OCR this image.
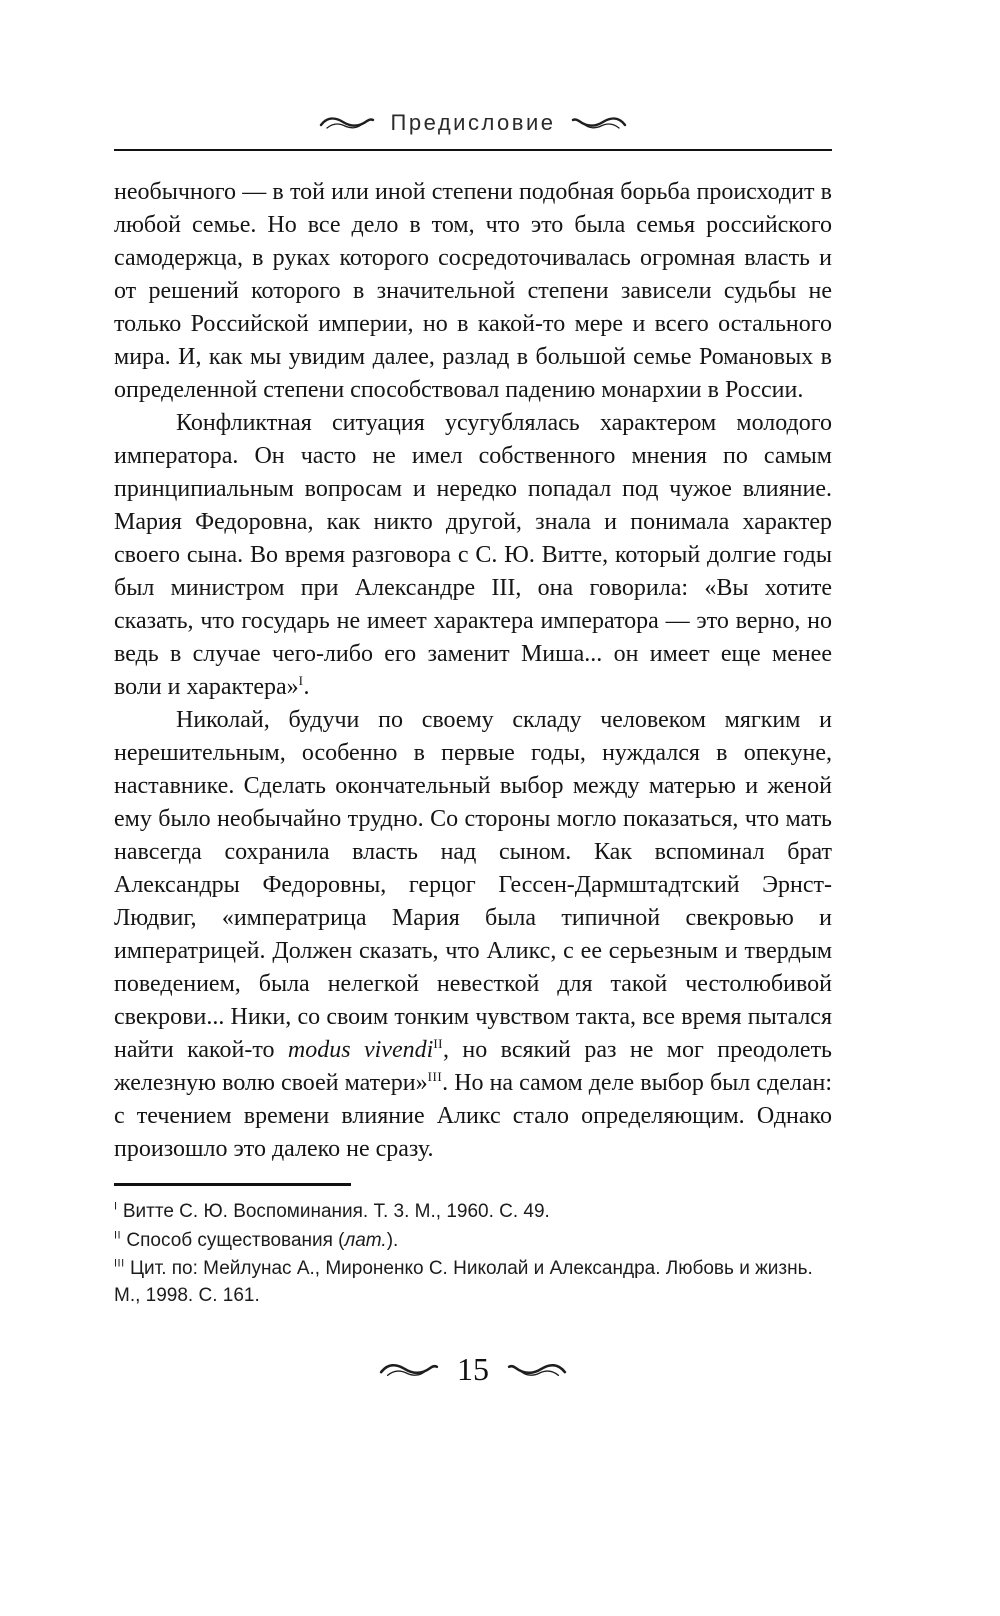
Предисловие

необычного — в той или иной степени подобная борьба происходит в любой семье. Но все дело в том, что это была семья российского самодержца, в руках которого сосредоточивалась огромная власть и от решений которого в значительной степени зависели судьбы не только Российской империи, но в какой-то мере и всего остального мира. И, как мы увидим далее, разлад в большой семье Романовых в определенной степени способствовал падению монархии в России.

Конфликтная ситуация усугублялась характером молодого императора. Он часто не имел собственного мнения по самым принципиальным вопросам и нередко попадал под чужое влияние. Мария Федоровна, как никто другой, знала и понимала характер своего сына. Во время разговора с С. Ю. Витте, который долгие годы был министром при Александре III, она говорила: «Вы хотите сказать, что государь не имеет характера императора — это верно, но ведь в случае чего-либо его заменит Миша... он имеет еще менее воли и характера»$^I$.

Николай, будучи по своему складу человеком мягким и нерешительным, особенно в первые годы, нуждался в опекуне, наставнике. Сделать окончательный выбор между матерью и женой ему было необычайно трудно. Со стороны могло показаться, что мать навсегда сохранила власть над сыном. Как вспоминал брат Александры Федоровны, герцог Гессен-Дармштадтский Эрнст-Людвиг, «императрица Мария была типичной свекровью и императрицей. Должен сказать, что Аликс, с ее серьезным и твердым поведением, была нелегкой невесткой для такой честолюбивой свекрови... Ники, со своим тонким чувством такта, все время пытался найти какой-то modus vivendi$^{II}$, но всякий раз не мог преодолеть железную волю своей матери»$^{III}$. Но на самом деле выбор был сделан: с течением времени влияние Аликс стало определяющим. Однако произошло это далеко не сразу.

$^I$ Витте С. Ю. Воспоминания. Т. 3. М., 1960. С. 49.

$^{II}$ Способ существования (лат.).

$^{III}$ Цит. по: Мейлунас А., Мироненко С. Николай и Александра. Любовь и жизнь. М., 1998. С. 161.

15
